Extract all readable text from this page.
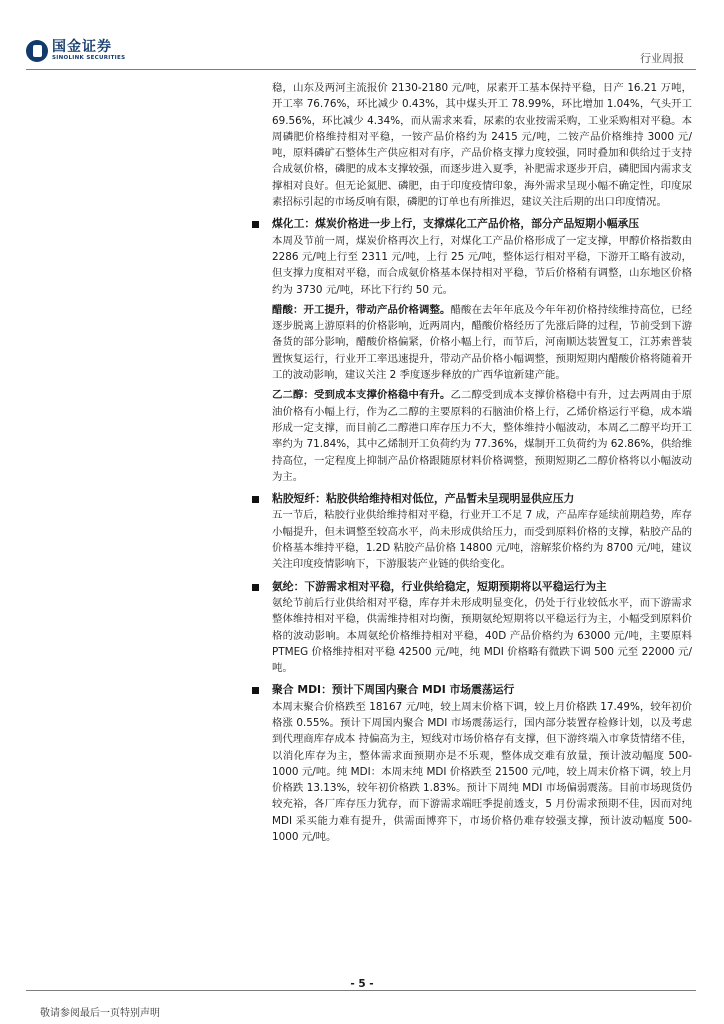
国金证券
SINOLINK SECURITIES	行业周报

稳，山东及两河主流报价 2130-2180 元/吨，尿素开工基本保持平稳，日产 16.21 万吨，开工率 76.76%，环比减少 0.43%，其中煤头开工 78.99%，环比增加 1.04%，气头开工 69.56%，环比减少 4.34%，而从需求来看，尿素的农业按需采购，工业采购相对平稳。本周磷肥价格维持相对平稳，一铵产品价格约为 2415 元/吨，二铵产品价格维持 3000 元/吨，原料磷矿石整体生产供应相对有序，产品价格支撑力度较强，同时叠加和供给过于支持合成氨价格，磷肥的成本支撑较强，而逐步进入夏季，补肥需求逐步开启，磷肥国内需求支撑相对良好。但无论氮肥、磷肥，由于印度疫情印象，海外需求呈现小幅不确定性，印度尿素招标引起的市场反响有限，磷肥的订单也有所推迟，建议关注后期的出口印度情况。

煤化工：煤炭价格进一步上行，支撑煤化工产品价格，部分产品短期小幅承压

本周及节前一周，煤炭价格再次上行，对煤化工产品价格形成了一定支撑，甲醇价格指数由 2286 元/吨上行至 2311 元/吨，上行 25 元/吨，整体运行相对平稳，下游开工略有波动，但支撑力度相对平稳，而合成氨价格基本保持相对平稳，节后价格稍有调整，山东地区价格约为 3730 元/吨，环比下行约 50 元。

醋酸：开工提升，带动产品价格调整。醋酸在去年年底及今年年初价格持续维持高位，已经逐步脱离上游原料的价格影响，近两周内，醋酸价格经历了先涨后降的过程，节前受到下游备货的部分影响，醋酸价格偏紧，价格小幅上行，而节后，河南顺达装置复工，江苏索普装置恢复运行，行业开工率迅速提升，带动产品价格小幅调整，预期短期内醋酸价格将随着开工的波动影响，建议关注 2 季度逐步释放的广西华谊新建产能。

乙二醇：受到成本支撑价格稳中有升。乙二醇受到成本支撑价格稳中有升，过去两周由于原油价格有小幅上行，作为乙二醇的主要原料的石脑油价格上行，乙烯价格运行平稳，成本端形成一定支撑，而目前乙二醇港口库存压力不大，整体维持小幅波动，本周乙二醇平均开工率约为 71.84%，其中乙烯制开工负荷约为 77.36%，煤制开工负荷约为 62.86%，供给维持高位，一定程度上抑制产品价格跟随原材料价格调整，预期短期乙二醇价格将以小幅波动为主。

粘胶短纤：粘胶供给维持相对低位，产品暂未呈现明显供应压力

五一节后，粘胶行业供给维持相对平稳，行业开工不足 7 成，产品库存延续前期趋势，库存小幅提升，但未调整至较高水平，尚未形成供给压力，而受到原料价格的支撑，粘胶产品的价格基本维持平稳，1.2D 粘胶产品价格 14800 元/吨，溶解浆价格约为 8700 元/吨，建议关注印度疫情影响下，下游服装产业链的供给变化。

氨纶：下游需求相对平稳，行业供给稳定，短期预期将以平稳运行为主

氨纶节前后行业供给相对平稳，库存并未形成明显变化，仍处于行业较低水平，而下游需求整体维持相对平稳，供需维持相对均衡，预期氨纶短期将以平稳运行为主，小幅受到原料价格的波动影响。本周氨纶价格维持相对平稳，40D 产品价格约为 63000 元/吨，主要原料 PTMEG 价格维持相对平稳 42500 元/吨，纯 MDI 价格略有微跌下调 500 元至 22000 元/吨。

聚合 MDI：预计下周国内聚合 MDI 市场震荡运行

本周末聚合价格跌至 18167 元/吨，较上周末价格下调，较上月价格跌 17.49%，较年初价格涨 0.55%。预计下周国内聚合 MDI 市场震荡运行，国内部分装置存检修计划，以及考虑到代理商库存成本 持偏高为主，短线对市场价格存有支撑，但下游终端入市拿货情绪不佳，以消化库存为主，整体需求面预期亦是不乐观，整体成交难有放量，预计波动幅度 500-1000 元/吨。纯 MDI：本周末纯 MDI 价格跌至 21500 元/吨，较上周末价格下调，较上月价格跌 13.13%，较年初价格跌 1.83%。预计下周纯 MDI 市场偏弱震荡。目前市场现货仍较充裕，各厂库存压力犹存，而下游需求端旺季提前透支，5 月份需求预期不佳，因而对纯 MDI 采买能力难有提升，供需面博弈下，市场价格仍难存较强支撑，预计波动幅度 500-1000 元/吨。

- 5 -
敬请参阅最后一页特别声明
